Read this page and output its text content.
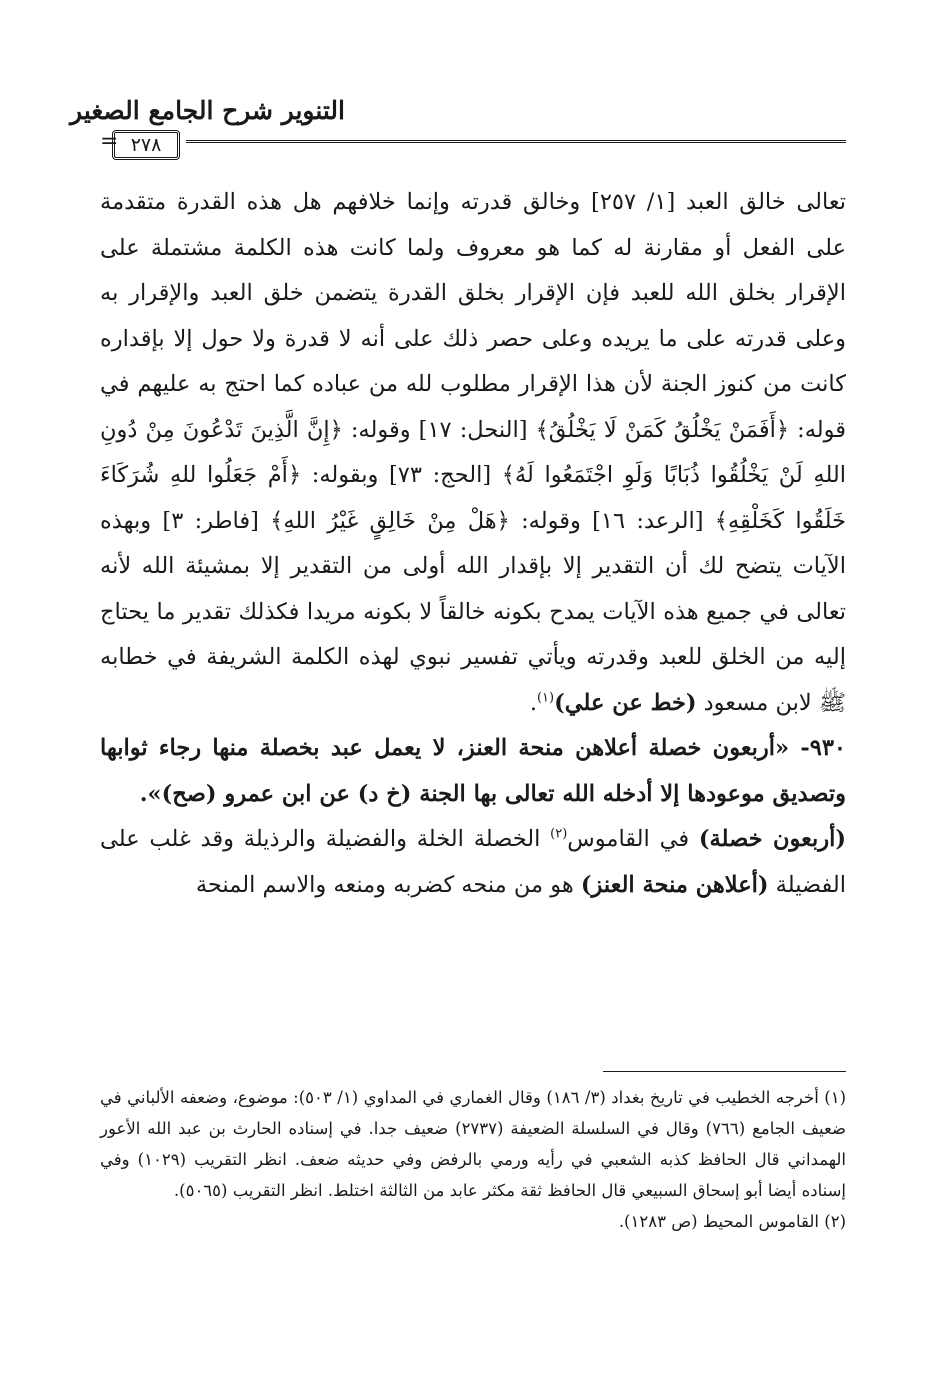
التنوير شرح الجامع الصغير
= ٢٧٨

تعالى خالق العبد [١/ ٢٥٧] وخالق قدرته وإنما خلافهم هل هذه القدرة متقدمة على الفعل أو مقارنة له كما هو معروف ولما كانت هذه الكلمة مشتملة على الإقرار بخلق الله للعبد فإن الإقرار بخلق القدرة يتضمن خلق العبد والإقرار به وعلى قدرته على ما يريده وعلى حصر ذلك على أنه لا قدرة ولا حول إلا بإقداره كانت من كنوز الجنة لأن هذا الإقرار مطلوب لله من عباده كما احتج به عليهم في قوله: ﴿أَفَمَنْ يَخْلُقُ كَمَنْ لَا يَخْلُقُ﴾ [النحل: ١٧] وقوله: ﴿إِنَّ الَّذِينَ تَدْعُونَ مِنْ دُونِ اللهِ لَنْ يَخْلُقُوا ذُبَابًا وَلَوِ اجْتَمَعُوا لَهُ﴾ [الحج: ٧٣] وبقوله: ﴿أَمْ جَعَلُوا للهِ شُرَكَاءَ خَلَقُوا كَخَلْقِهِ﴾ [الرعد: ١٦] وقوله: ﴿هَلْ مِنْ خَالِقٍ غَيْرُ اللهِ﴾ [فاطر: ٣] وبهذه الآيات يتضح لك أن التقدير إلا بإقدار الله أولى من التقدير إلا بمشيئة الله لأنه تعالى في جميع هذه الآيات يمدح بكونه خالقاً لا بكونه مريدا فكذلك تقدير ما يحتاج إليه من الخلق للعبد وقدرته ويأتي تفسير نبوي لهذه الكلمة الشريفة في خطابه ﷺ لابن مسعود (خط عن علي)$^{(١)}$.

٩٣٠- «أربعون خصلة أعلاهن منحة العنز، لا يعمل عبد بخصلة منها رجاء ثوابها وتصديق موعودها إلا أدخله الله تعالى بها الجنة (خ د) عن ابن عمرو (صح)».

(أربعون خصلة) في القاموس$^{(٢)}$ الخصلة الخلة والفضيلة والرذيلة وقد غلب على الفضيلة (أعلاهن منحة العنز) هو من منحه كضربه ومنعه والاسم المنحة

(١) أخرجه الخطيب في تاريخ بغداد (٣/ ١٨٦) وقال الغماري في المداوي (١/ ٥٠٣): موضوع، وضعفه الألباني في ضعيف الجامع (٧٦٦) وقال في السلسلة الضعيفة (٢٧٣٧) ضعيف جدا. في إسناده الحارث بن عبد الله الأعور الهمداني قال الحافظ كذبه الشعبي في رأيه ورمي بالرفض وفي حديثه ضعف. انظر التقريب (١٠٢٩) وفي إسناده أيضا أبو إسحاق السبيعي قال الحافظ ثقة مكثر عابد من الثالثة اختلط. انظر التقريب (٥٠٦٥).

(٢) القاموس المحيط (ص ١٢٨٣).
